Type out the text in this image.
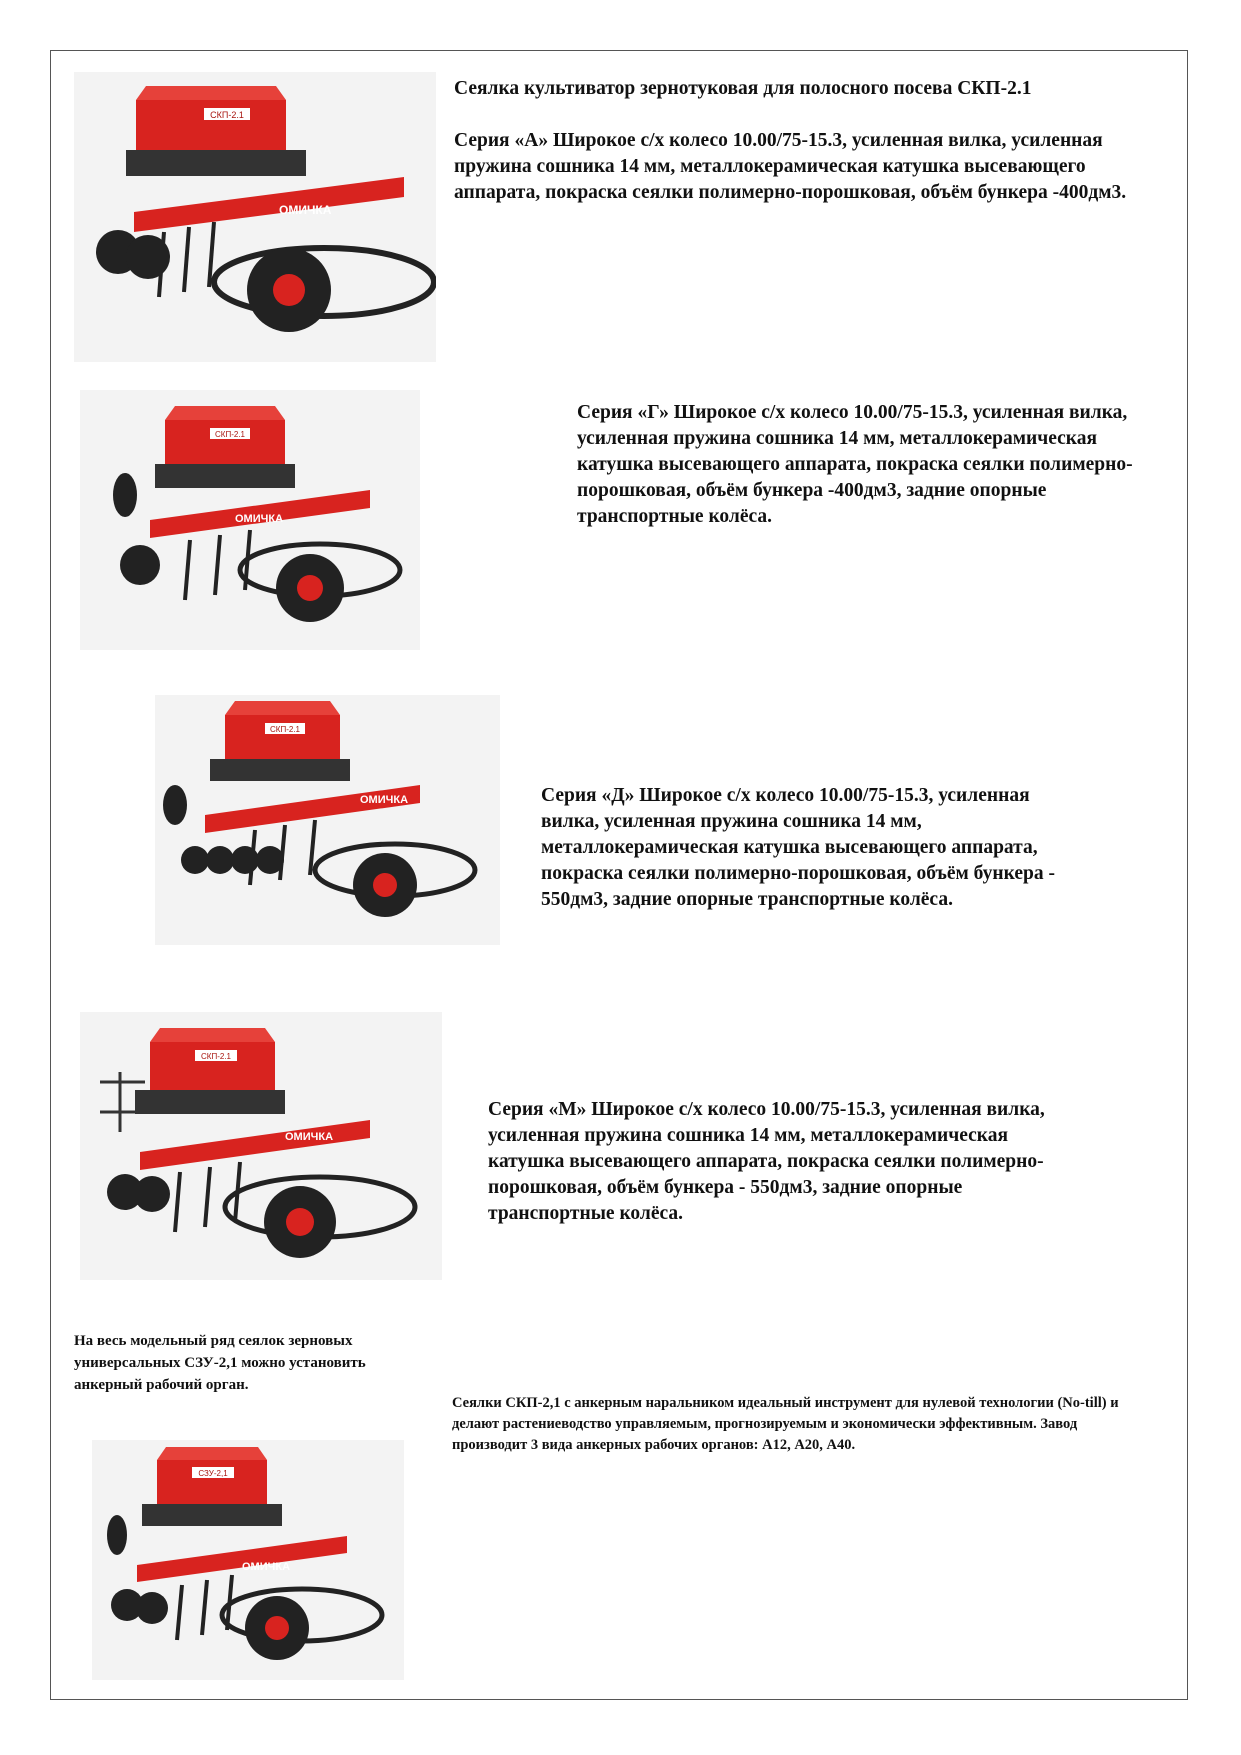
СКП-2.1
ОМИЧКА

Сеялка культиватор зернотуковая для полосного посева СКП-2.1

Серия «А» Широкое с/х колесо 10.00/75-15.3, усиленная вилка, усиленная пружина сошника 14 мм, металлокерамическая катушка высевающего аппарата, покраска сеялки полимерно-порошковая, объём бункера -400дм3.

СКП-2.1
ОМИЧКА

Серия «Г» Широкое с/х колесо 10.00/75-15.3, усиленная вилка, усиленная пружина сошника 14 мм, металлокерамическая катушка высевающего аппарата, покраска сеялки полимерно-порошковая, объём бункера -400дм3, задние опорные транспортные колёса.

СКП-2.1
ОМИЧКА	Серия «Д» Широкое с/х колесо 10.00/75-15.3, усиленная вилка, усиленная пружина сошника 14 мм, металлокерамическая катушка высевающего аппарата, покраска сеялки полимерно-порошковая, объём бункера - 550дм3, задние опорные транспортные колёса.

СКП-2.1
ОМИЧКА

Серия «М» Широкое с/х колесо 10.00/75-15.3, усиленная вилка, усиленная пружина сошника 14 мм, металлокерамическая катушка высевающего аппарата, покраска сеялки полимерно-порошковая, объём бункера - 550дм3, задние опорные транспортные колёса.

На весь модельный ряд сеялок зерновых универсальных СЗУ-2,1 можно установить анкерный рабочий орган.

Сеялки СКП-2,1 с анкерным наральником идеальный инструмент для нулевой технологии (No-till) и делают растениеводство управляемым, прогнозируемым и экономически эффективным. Завод производит 3 вида анкерных рабочих органов: А12, А20, А40.

СЗУ-2,1
ОМИЧКА
